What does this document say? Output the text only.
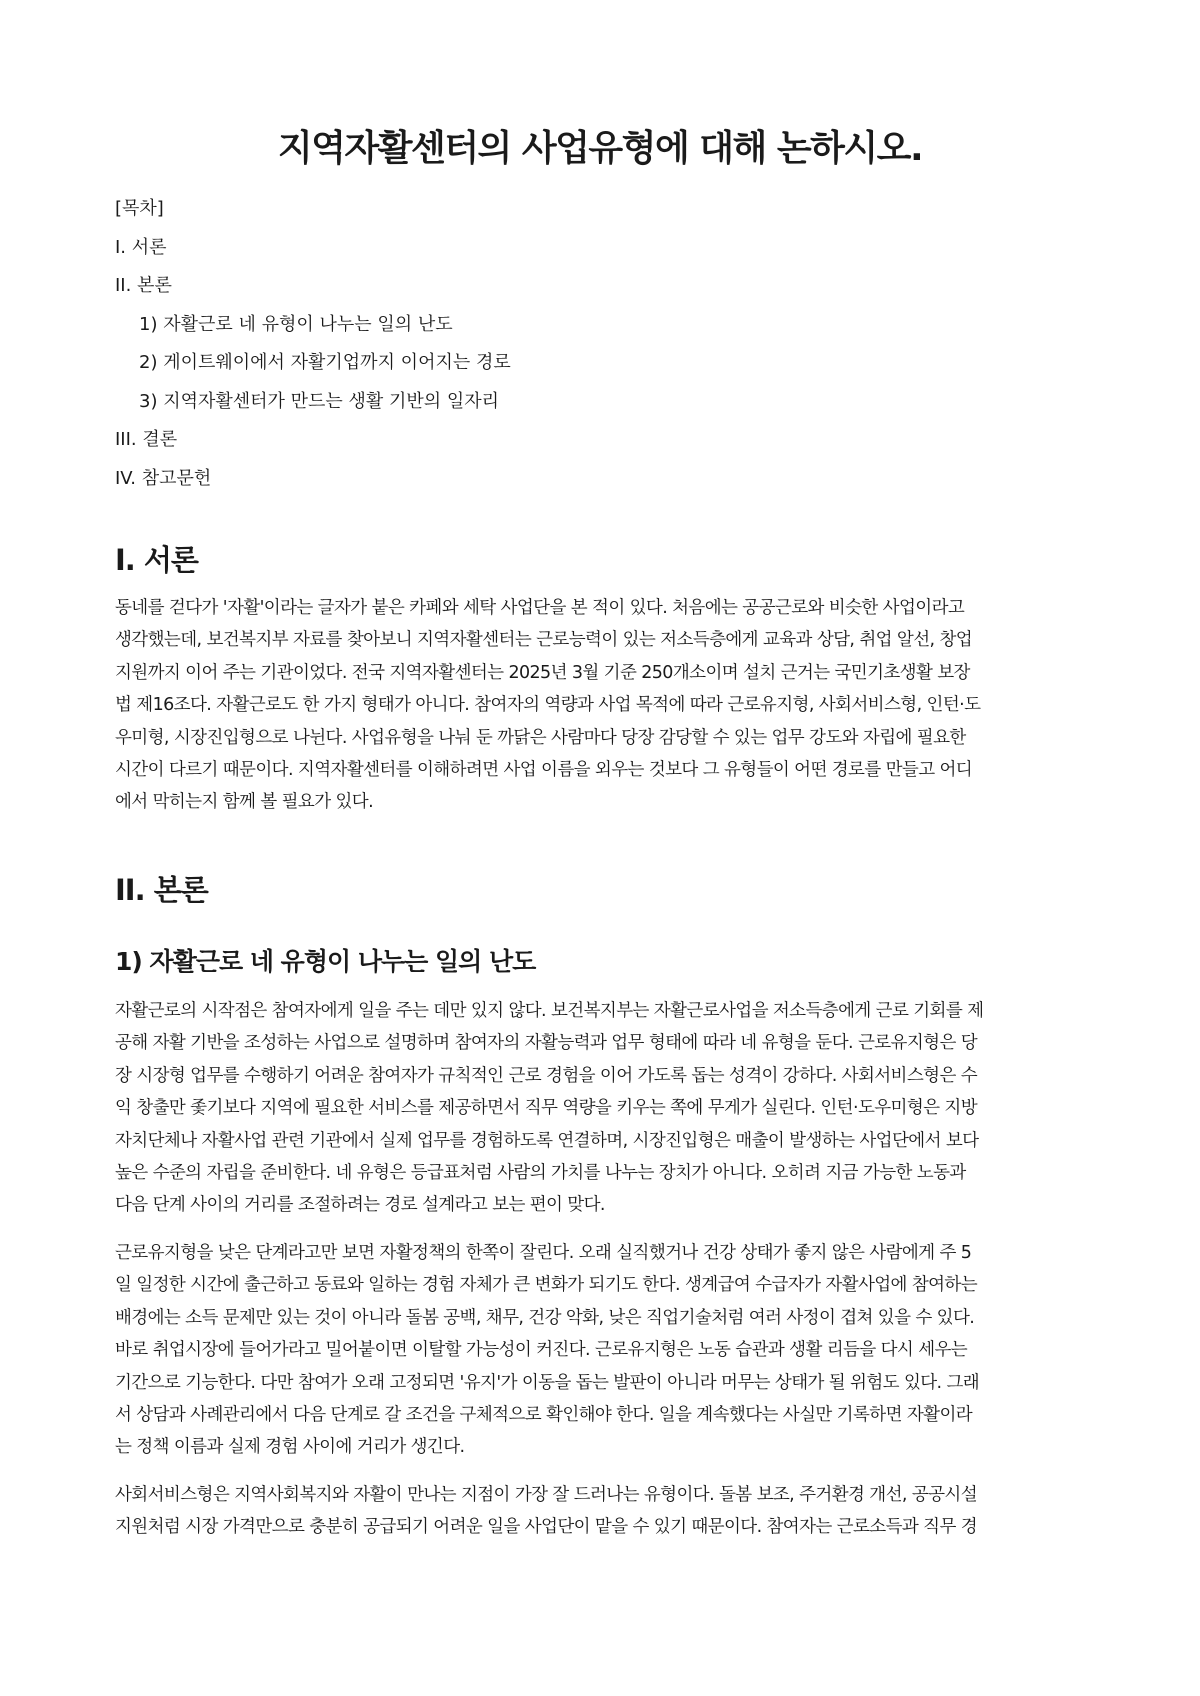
지역자활센터의 사업유형에 대해 논하시오.
[목차]
I. 서론
II. 본론
1) 자활근로 네 유형이 나누는 일의 난도
2) 게이트웨이에서 자활기업까지 이어지는 경로
3) 지역자활센터가 만드는 생활 기반의 일자리
III. 결론
IV. 참고문헌
I. 서론
동네를 걷다가 '자활'이라는 글자가 붙은 카페와 세탁 사업단을 본 적이 있다. 처음에는 공공근로와 비슷한 사업이라고
생각했는데, 보건복지부 자료를 찾아보니 지역자활센터는 근로능력이 있는 저소득층에게 교육과 상담, 취업 알선, 창업
지원까지 이어 주는 기관이었다. 전국 지역자활센터는 2025년 3월 기준 250개소이며 설치 근거는 국민기초생활 보장
법 제16조다. 자활근로도 한 가지 형태가 아니다. 참여자의 역량과 사업 목적에 따라 근로유지형, 사회서비스형, 인턴·도
우미형, 시장진입형으로 나뉜다. 사업유형을 나눠 둔 까닭은 사람마다 당장 감당할 수 있는 업무 강도와 자립에 필요한
시간이 다르기 때문이다. 지역자활센터를 이해하려면 사업 이름을 외우는 것보다 그 유형들이 어떤 경로를 만들고 어디
에서 막히는지 함께 볼 필요가 있다.
II. 본론
1) 자활근로 네 유형이 나누는 일의 난도
자활근로의 시작점은 참여자에게 일을 주는 데만 있지 않다. 보건복지부는 자활근로사업을 저소득층에게 근로 기회를 제
공해 자활 기반을 조성하는 사업으로 설명하며 참여자의 자활능력과 업무 형태에 따라 네 유형을 둔다. 근로유지형은 당
장 시장형 업무를 수행하기 어려운 참여자가 규칙적인 근로 경험을 이어 가도록 돕는 성격이 강하다. 사회서비스형은 수
익 창출만 좇기보다 지역에 필요한 서비스를 제공하면서 직무 역량을 키우는 쪽에 무게가 실린다. 인턴·도우미형은 지방
자치단체나 자활사업 관련 기관에서 실제 업무를 경험하도록 연결하며, 시장진입형은 매출이 발생하는 사업단에서 보다
높은 수준의 자립을 준비한다. 네 유형은 등급표처럼 사람의 가치를 나누는 장치가 아니다. 오히려 지금 가능한 노동과
다음 단계 사이의 거리를 조절하려는 경로 설계라고 보는 편이 맞다.
근로유지형을 낮은 단계라고만 보면 자활정책의 한쪽이 잘린다. 오래 실직했거나 건강 상태가 좋지 않은 사람에게 주 5
일 일정한 시간에 출근하고 동료와 일하는 경험 자체가 큰 변화가 되기도 한다. 생계급여 수급자가 자활사업에 참여하는
배경에는 소득 문제만 있는 것이 아니라 돌봄 공백, 채무, 건강 악화, 낮은 직업기술처럼 여러 사정이 겹쳐 있을 수 있다.
바로 취업시장에 들어가라고 밀어붙이면 이탈할 가능성이 커진다. 근로유지형은 노동 습관과 생활 리듬을 다시 세우는
기간으로 기능한다. 다만 참여가 오래 고정되면 '유지'가 이동을 돕는 발판이 아니라 머무는 상태가 될 위험도 있다. 그래
서 상담과 사례관리에서 다음 단계로 갈 조건을 구체적으로 확인해야 한다. 일을 계속했다는 사실만 기록하면 자활이라
는 정책 이름과 실제 경험 사이에 거리가 생긴다.
사회서비스형은 지역사회복지와 자활이 만나는 지점이 가장 잘 드러나는 유형이다. 돌봄 보조, 주거환경 개선, 공공시설
지원처럼 시장 가격만으로 충분히 공급되기 어려운 일을 사업단이 맡을 수 있기 때문이다. 참여자는 근로소득과 직무 경
